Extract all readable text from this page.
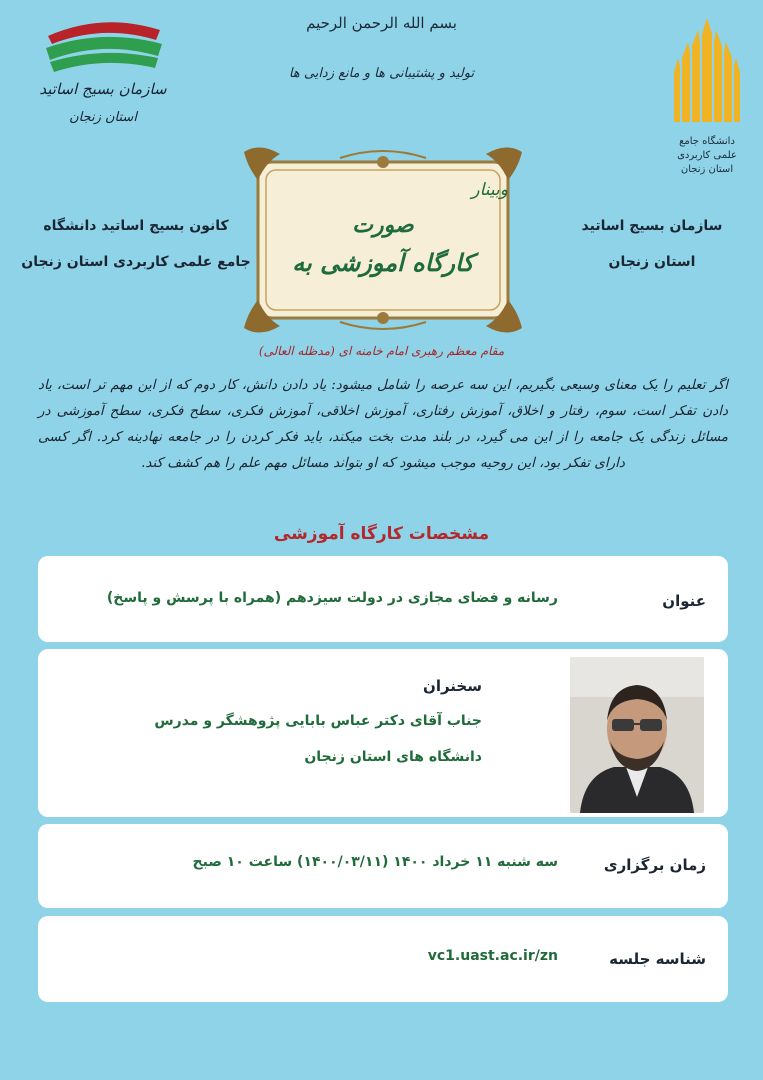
بسم الله الرحمن الرحیم
تولید و پشتیبانی ها و مانع زدایی ها
سازمان بسیج اساتید
استان زنجان
دانشگاه جامع
علمی کاربردی
استان زنجان
کانون بسیج اساتید دانشگاه
جامع علمی کاربردی استان زنجان
سازمان بسیج اساتید
استان زنجان
وبینار
صورت
کارگاه آموزشی به
مقام معظم رهبری امام خامنه ای (مدظله العالی)
اگر تعلیم را یک معنای وسیعی بگیریم، این سه عرصه را شامل میشود: یاد دادن دانش، کار دوم که از این مهم تر است، یاد دادن تفکر است، سوم، رفتار و اخلاق، آموزش رفتاری، آموزش اخلاقی، آموزش فکری، سطح فکری، سطح آموزشی در مسائل زندگی یک جامعه را از این می گیرد، در بلند مدت بخت میکند، باید فکر کردن را در جامعه نهادینه کرد. اگر کسی دارای تفکر بود، این روحیه موجب میشود که او بتواند مسائل مهم علم را هم کشف کند.
مشخصات کارگاه آموزشی
عنوان
رسانه و فضای مجازی در دولت سیزدهم (همراه با پرسش و پاسخ)
سخنران
جناب آقای دکتر عباس بابایی پژوهشگر و مدرس
دانشگاه های استان زنجان
زمان برگزاری
سه شنبه ۱۱ خرداد ۱۴۰۰ (۱۴۰۰/۰۳/۱۱) ساعت ۱۰ صبح
شناسه جلسه
vc1.uast.ac.ir/zn
